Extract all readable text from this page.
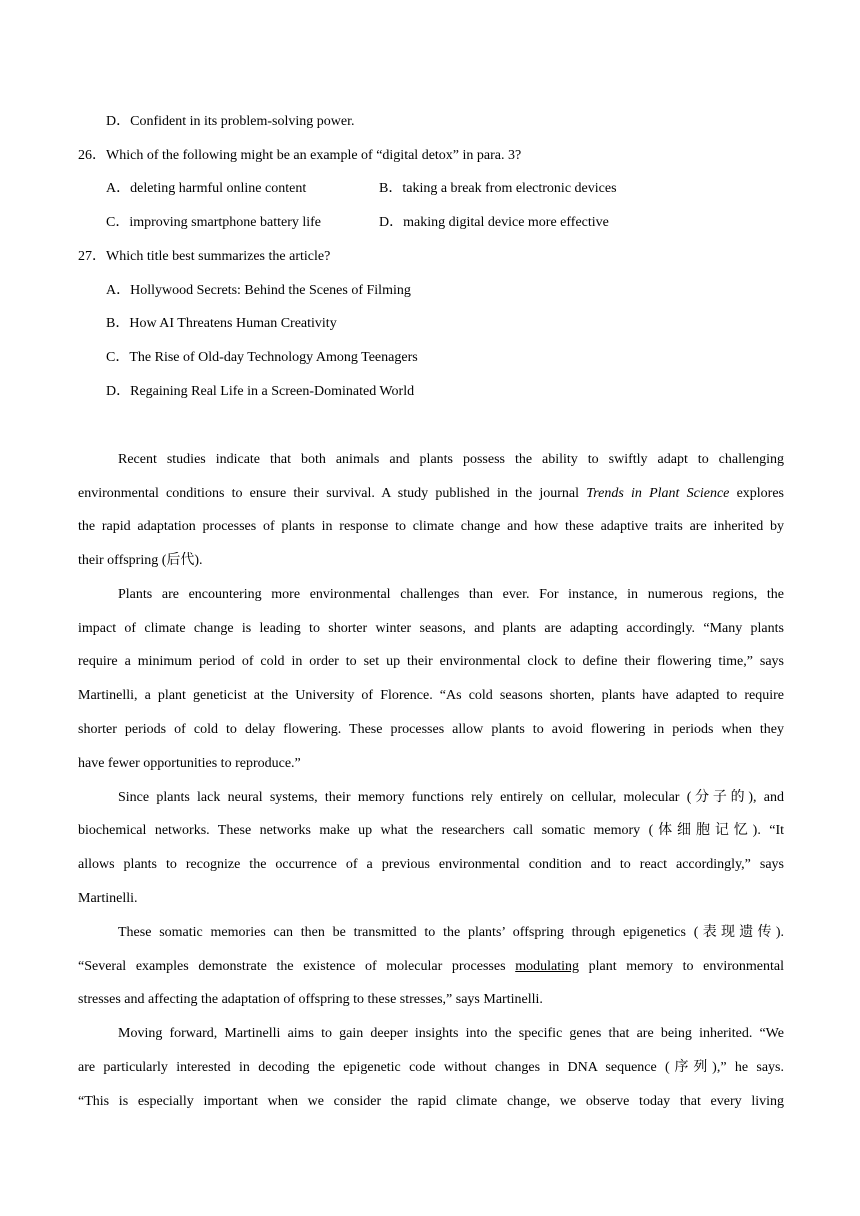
D．Confident in its problem-solving power.
26．Which of the following might be an example of “digital detox” in para. 3?
A．deleting harmful online content	B．taking a break from electronic devices
C．improving smartphone battery life	D．making digital device more effective
27．Which title best summarizes the article?
A．Hollywood Secrets: Behind the Scenes of Filming
B．How AI Threatens Human Creativity
C．The Rise of Old-day Technology Among Teenagers
D．Regaining Real Life in a Screen-Dominated World
Recent studies indicate that both animals and plants possess the ability to swiftly adapt to challenging
environmental conditions to ensure their survival. A study published in the journal Trends in Plant Science explores
the rapid adaptation processes of plants in response to climate change and how these adaptive traits are inherited by
their offspring (后代).
Plants are encountering more environmental challenges than ever. For instance, in numerous regions, the
impact of climate change is leading to shorter winter seasons, and plants are adapting accordingly. “Many plants
require a minimum period of cold in order to set up their environmental clock to define their flowering time,” says
Martinelli, a plant geneticist at the University of Florence. “As cold seasons shorten, plants have adapted to require
shorter periods of cold to delay flowering. These processes allow plants to avoid flowering in periods when they
have fewer opportunities to reproduce.”
Since plants lack neural systems, their memory functions rely entirely on cellular, molecular (分子的), and
biochemical networks. These networks make up what the researchers call somatic memory (体细胞记忆). “It
allows plants to recognize the occurrence of a previous environmental condition and to react accordingly,” says
Martinelli.
These somatic memories can then be transmitted to the plants’ offspring through epigenetics (表现遗传).
“Several examples demonstrate the existence of molecular processes modulating plant memory to environmental
stresses and affecting the adaptation of offspring to these stresses,” says Martinelli.
Moving forward, Martinelli aims to gain deeper insights into the specific genes that are being inherited. “We
are particularly interested in decoding the epigenetic code without changes in DNA sequence (序列),” he says.
“This is especially important when we consider the rapid climate change, we observe today that every living
